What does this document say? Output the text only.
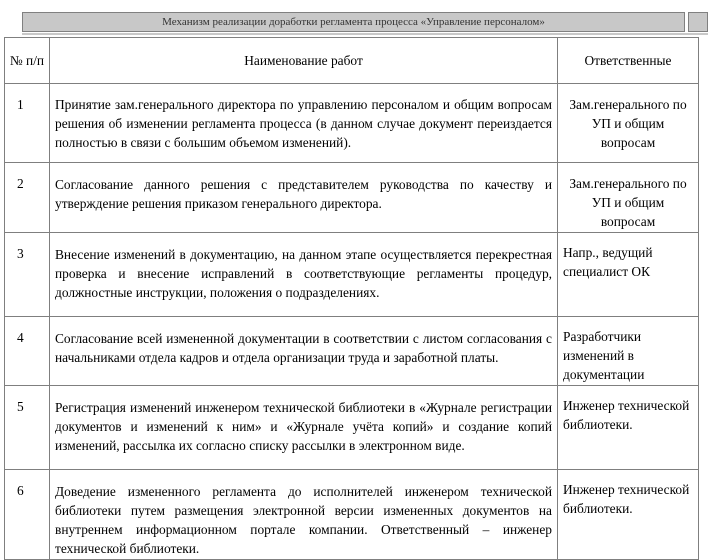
Механизм реализации доработки регламента процесса «Управление персоналом»
№ п/п	Наименование работ	Ответственные
1	Принятие зам.генерального директора по управлению персоналом и общим вопросам решения об изменении регламента процесса (в данном случае документ переиздается полностью в связи с большим объемом изменений).	Зам.генерального по УП и общим вопросам
2	Согласование данного решения с представителем руководства по качеству и утверждение решения приказом генерального директора.	Зам.генерального по УП и общим вопросам
3	Внесение изменений в документацию, на данном этапе осуществляется перекрестная проверка и внесение исправлений в соответствующие регламенты процедур, должностные инструкции, положения о подразделениях.	Напр., ведущий специалист ОК
4	Согласование всей измененной документации в соответствии с листом согласования с начальниками отдела кадров и отдела организации труда и заработной платы.	Разработчики изменений в документации
5	Регистрация изменений инженером технической библиотеки в «Журнале регистрации документов и изменений к ним» и «Журнале учёта копий» и создание копий изменений, рассылка их согласно списку рассылки в электронном виде.	Инженер технической библиотеки.
6	Доведение измененного регламента до исполнителей инженером технической библиотеки путем размещения электронной версии измененных документов на внутреннем информационном портале компании. Ответственный – инженер технической библиотеки.	Инженер технической библиотеки.
